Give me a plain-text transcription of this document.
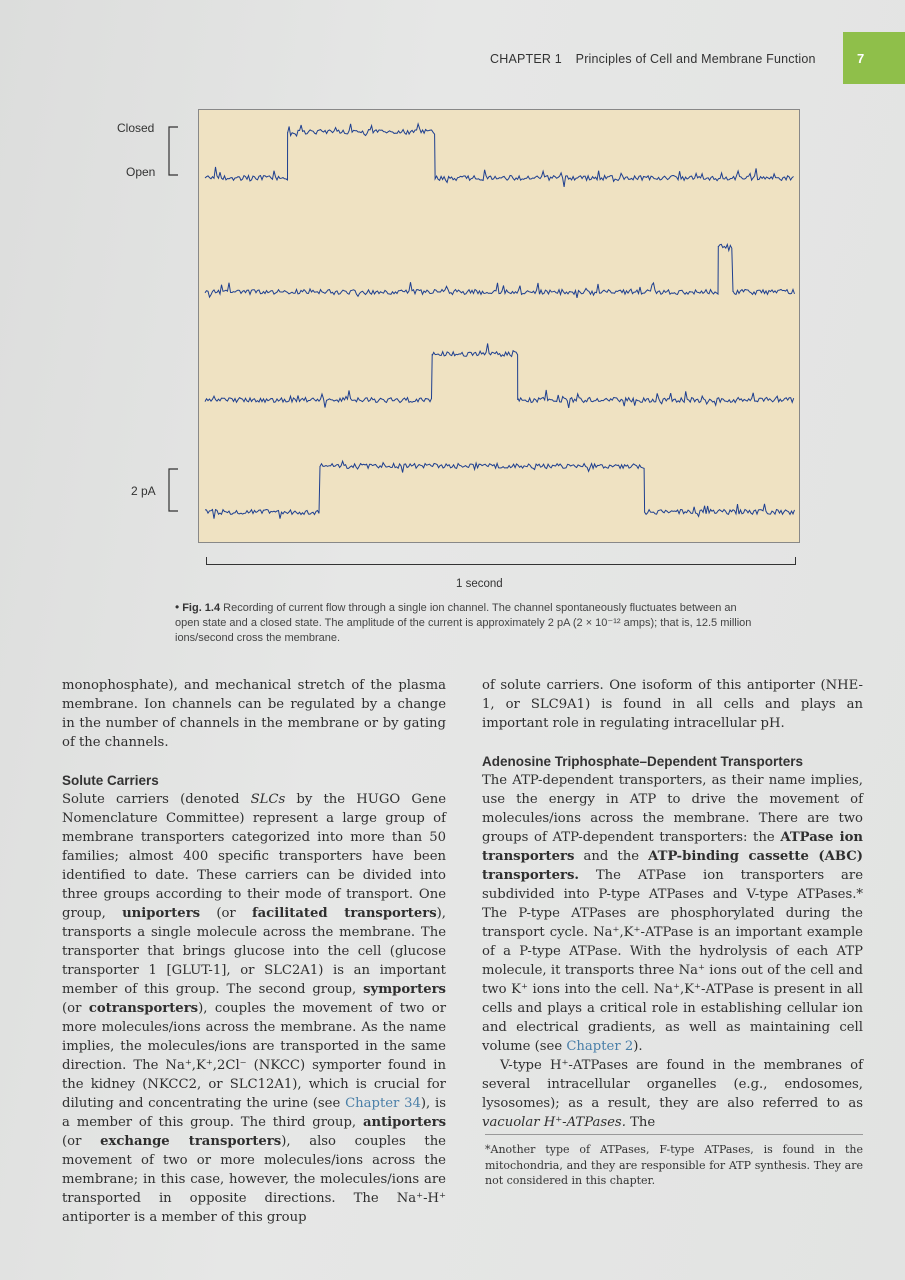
CHAPTER 1 Principles of Cell and Membrane Function	7
Closed
Open
2 pA
1 second
• Fig. 1.4 Recording of current flow through a single ion channel. The channel spontaneously fluctuates between an open state and a closed state. The amplitude of the current is approximately 2 pA (2 × 10⁻¹² amps); that is, 12.5 million ions/second cross the membrane.

monophosphate), and mechanical stretch of the plasma membrane. Ion channels can be regulated by a change in the number of channels in the membrane or by gating of the channels.

Solute Carriers

Solute carriers (denoted SLCs by the HUGO Gene Nomenclature Committee) represent a large group of membrane transporters categorized into more than 50 families; almost 400 specific transporters have been identified to date. These carriers can be divided into three groups according to their mode of transport. One group, uniporters (or facilitated transporters), transports a single molecule across the membrane. The transporter that brings glucose into the cell (glucose transporter 1 [GLUT-1], or SLC2A1) is an important member of this group. The second group, symporters (or cotransporters), couples the movement of two or more molecules/ions across the membrane. As the name implies, the molecules/ions are transported in the same direction. The Na⁺,K⁺,2Cl⁻ (NKCC) symporter found in the kidney (NKCC2, or SLC12A1), which is crucial for diluting and concentrating the urine (see Chapter 34), is a member of this group. The third group, antiporters (or exchange transporters), also couples the movement of two or more molecules/ions across the membrane; in this case, however, the molecules/ions are transported in opposite directions. The Na⁺-H⁺ antiporter is a member of this group

of solute carriers. One isoform of this antiporter (NHE-1, or SLC9A1) is found in all cells and plays an important role in regulating intracellular pH.

Adenosine Triphosphate–Dependent Transporters

The ATP-dependent transporters, as their name implies, use the energy in ATP to drive the movement of molecules/ions across the membrane. There are two groups of ATP-dependent transporters: the ATPase ion transporters and the ATP-binding cassette (ABC) transporters. The ATPase ion transporters are subdivided into P-type ATPases and V-type ATPases.* The P-type ATPases are phosphorylated during the transport cycle. Na⁺,K⁺-ATPase is an important example of a P-type ATPase. With the hydrolysis of each ATP molecule, it transports three Na⁺ ions out of the cell and two K⁺ ions into the cell. Na⁺,K⁺-ATPase is present in all cells and plays a critical role in establishing cellular ion and electrical gradients, as well as maintaining cell volume (see Chapter 2).

V-type H⁺-ATPases are found in the membranes of several intracellular organelles (e.g., endosomes, lysosomes); as a result, they are also referred to as vacuolar H⁺-ATPases. The

*Another type of ATPases, F-type ATPases, is found in the mitochondria, and they are responsible for ATP synthesis. They are not considered in this chapter.
